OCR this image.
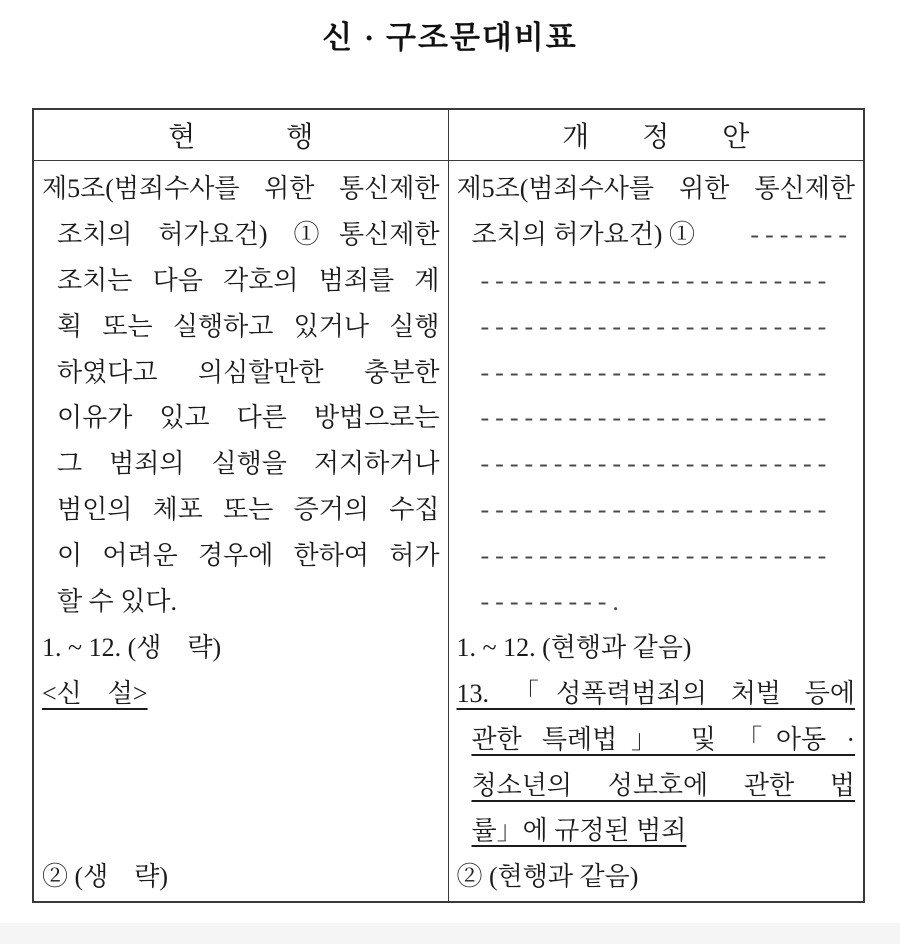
신 · 구조문대비표
현 행	개 정 안
제5조(범죄수사를 위한 통신제한
조치의 허가요건) ①통신제한
조치는 다음 각호의 범죄를 계
획 또는 실행하고 있거나 실행
하였다고 의심할만한 충분한
이유가 있고 다른 방법으로는
그 범죄의 실행을 저지하거나
범인의 체포 또는 증거의 수집
이 어려운 경우에 한하여 허가
할 수 있다.
1. ~ 12. (생　략)
<신　설>
② (생　략)
제5조(범죄수사를 위한 통신제한
조치의 허가요건) ① -------
------------------------
------------------------
------------------------
------------------------
------------------------
------------------------
------------------------
---------.
1. ~ 12. (현행과 같음)
13. 「성폭력범죄의 처벌 등에
관한 특례법」 및 「아동 ·
청소년의 성보호에 관한 법
률」에 규정된 범죄
② (현행과 같음)
